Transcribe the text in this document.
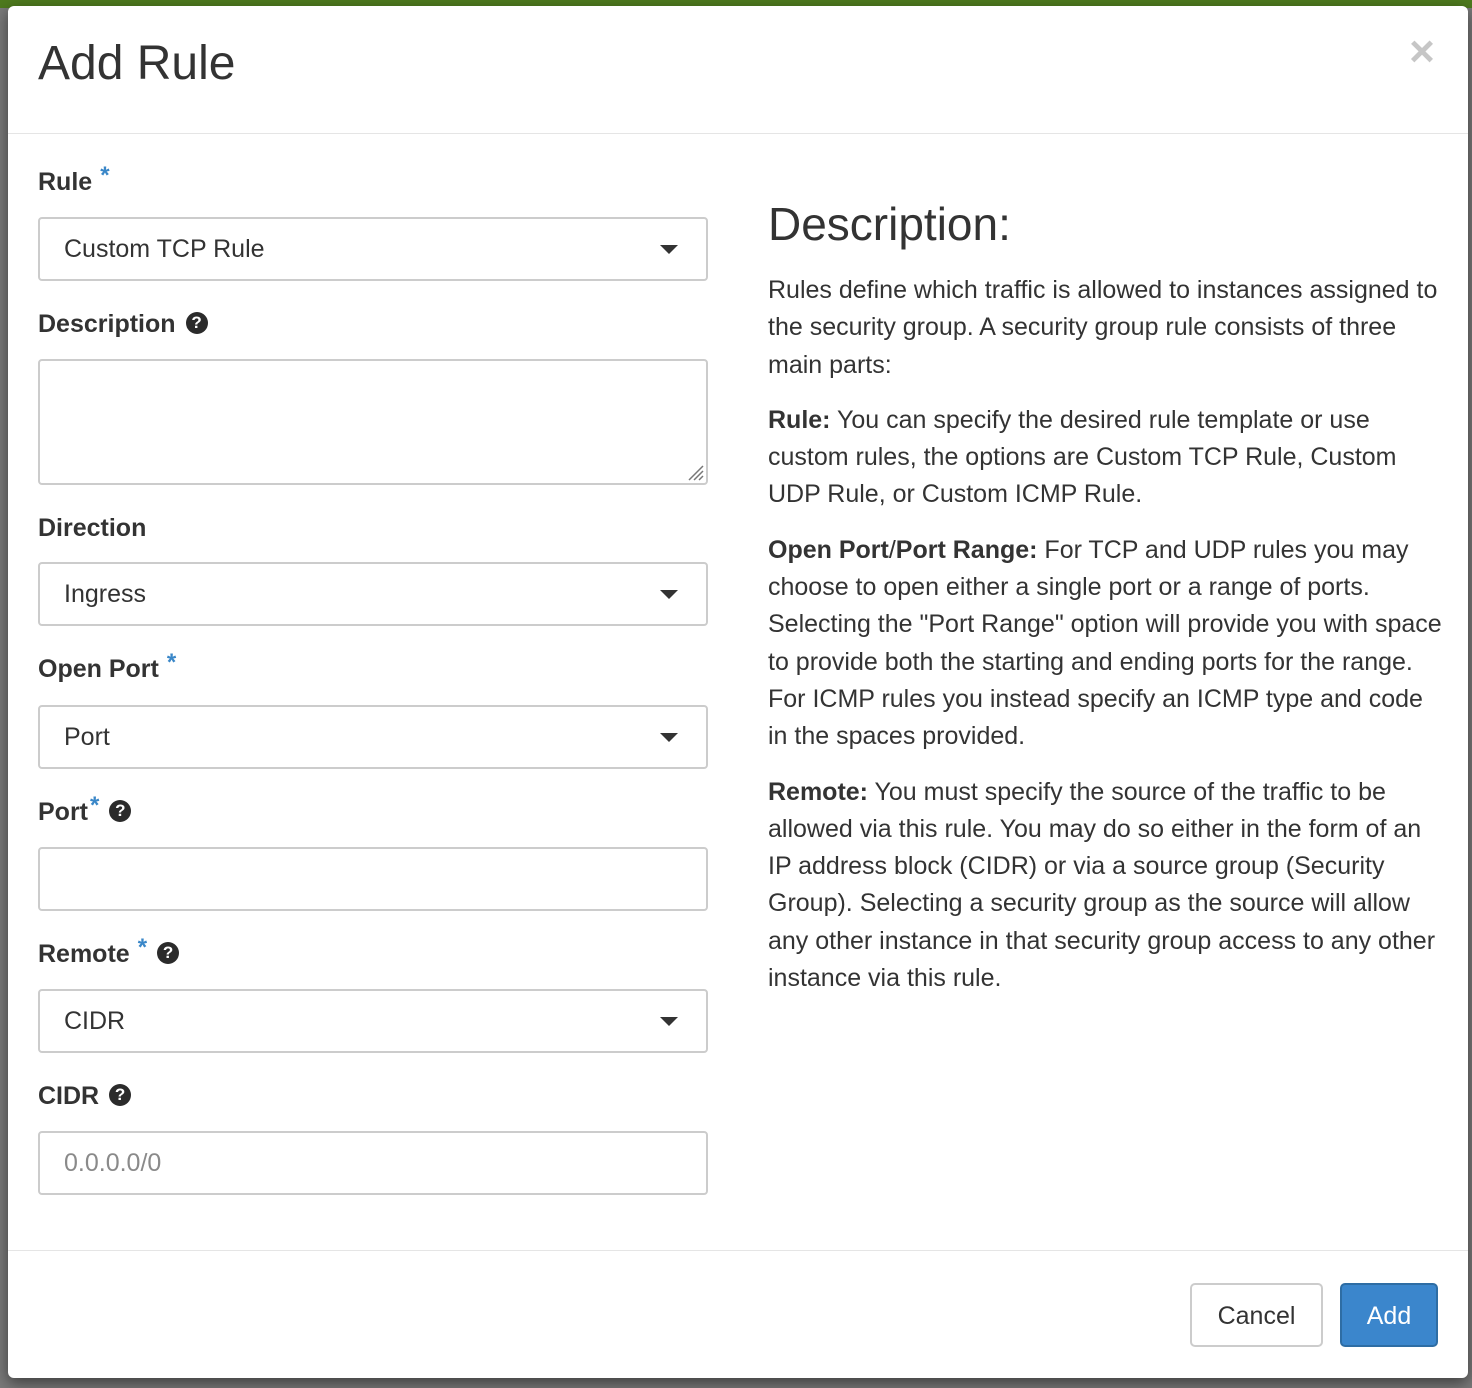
Add Rule	×
Rule *
Custom TCP Rule
Description ?
Direction
Ingress
Open Port *
Port
Port* ?
Remote * ?
CIDR
CIDR ?
0.0.0.0/0
Description:

Rules define which traffic is allowed to instances assigned to the security group. A security group rule consists of three main parts:

Rule: You can specify the desired rule template or use custom rules, the options are Custom TCP Rule, Custom UDP Rule, or Custom ICMP Rule.

Open Port/Port Range: For TCP and UDP rules you may choose to open either a single port or a range of ports. Selecting the "Port Range" option will provide you with space to provide both the starting and ending ports for the range. For ICMP rules you instead specify an ICMP type and code in the spaces provided.

Remote: You must specify the source of the traffic to be allowed via this rule. You may do so either in the form of an IP address block (CIDR) or via a source group (Security Group). Selecting a security group as the source will allow any other instance in that security group access to any other instance via this rule.

Cancel	Add
